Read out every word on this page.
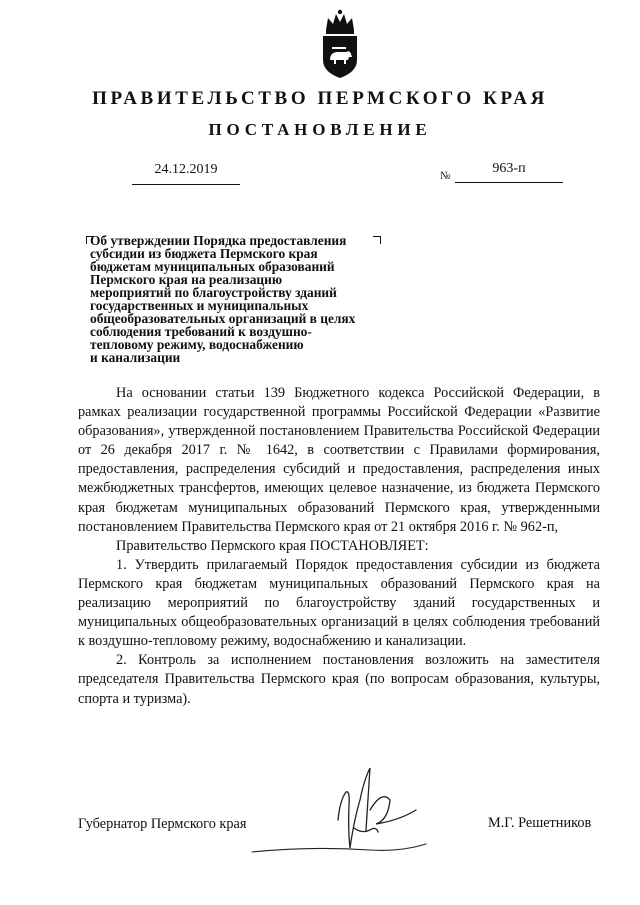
ПРАВИТЕЛЬСТВО ПЕРМСКОГО КРАЯ
ПОСТАНОВЛЕНИЕ
24.12.2019	№	963-п
Об утверждении Порядка предоставления
субсидии из бюджета Пермского края
бюджетам муниципальных образований
Пермского края на реализацию
мероприятий по благоустройству зданий
государственных и муниципальных
общеобразовательных организаций в целях
соблюдения требований к воздушно-
тепловому режиму, водоснабжению
и канализации

На основании статьи 139 Бюджетного кодекса Российской Федерации, в рамках реализации государственной программы Российской Федерации «Развитие образования», утвержденной постановлением Правительства Российской Федерации от 26 декабря 2017 г. № 1642, в соответствии с Правилами формирования, предоставления, распределения субсидий и предоставления, распределения иных межбюджетных трансфертов, имеющих целевое назначение, из бюджета Пермского края бюджетам муниципальных образований Пермского края, утвержденными постановлением Правительства Пермского края от 21 октября 2016 г. № 962-п,

Правительство Пермского края ПОСТАНОВЛЯЕТ:

1. Утвердить прилагаемый Порядок предоставления субсидии из бюджета Пермского края бюджетам муниципальных образований Пермского края на реализацию мероприятий по благоустройству зданий государственных и муниципальных общеобразовательных организаций в целях соблюдения требований к воздушно-тепловому режиму, водоснабжению и канализации.

2. Контроль за исполнением постановления возложить на заместителя председателя Правительства Пермского края (по вопросам образования, культуры, спорта и туризма).

Губернатор Пермского края	М.Г. Решетников
